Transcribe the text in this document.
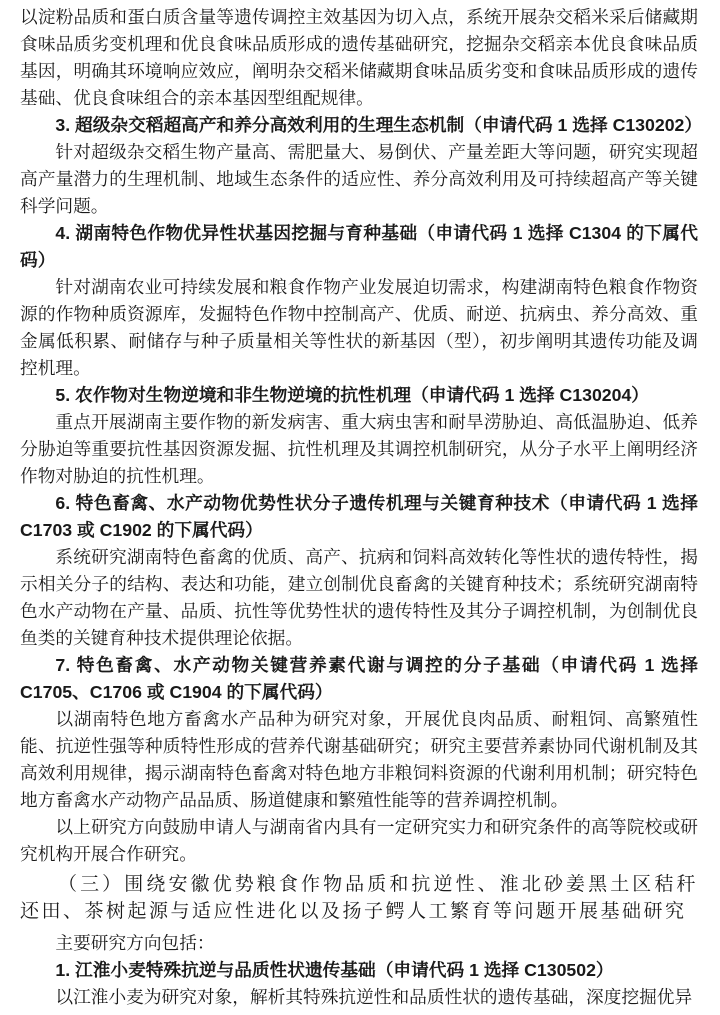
以淀粉品质和蛋白质含量等遗传调控主效基因为切入点，系统开展杂交稻米采后储藏期食味品质劣变机理和优良食味品质形成的遗传基础研究，挖掘杂交稻亲本优良食味品质基因，明确其环境响应效应，阐明杂交稻米储藏期食味品质劣变和食味品质形成的遗传基础、优良食味组合的亲本基因型组配规律。

3. 超级杂交稻超高产和养分高效利用的生理生态机制（申请代码 1 选择 C130202）

针对超级杂交稻生物产量高、需肥量大、易倒伏、产量差距大等问题，研究实现超高产量潜力的生理机制、地域生态条件的适应性、养分高效利用及可持续超高产等关键科学问题。

4. 湖南特色作物优异性状基因挖掘与育种基础（申请代码 1 选择 C1304 的下属代码）

针对湖南农业可持续发展和粮食作物产业发展迫切需求，构建湖南特色粮食作物资源的作物种质资源库，发掘特色作物中控制高产、优质、耐逆、抗病虫、养分高效、重金属低积累、耐储存与种子质量相关等性状的新基因（型），初步阐明其遗传功能及调控机理。

5. 农作物对生物逆境和非生物逆境的抗性机理（申请代码 1 选择 C130204）

重点开展湖南主要作物的新发病害、重大病虫害和耐旱涝胁迫、高低温胁迫、低养分胁迫等重要抗性基因资源发掘、抗性机理及其调控机制研究，从分子水平上阐明经济作物对胁迫的抗性机理。

6. 特色畜禽、水产动物优势性状分子遗传机理与关键育种技术（申请代码 1 选择 C1703 或 C1902 的下属代码）

系统研究湖南特色畜禽的优质、高产、抗病和饲料高效转化等性状的遗传特性，揭示相关分子的结构、表达和功能，建立创制优良畜禽的关键育种技术；系统研究湖南特色水产动物在产量、品质、抗性等优势性状的遗传特性及其分子调控机制，为创制优良鱼类的关键育种技术提供理论依据。

7. 特色畜禽、水产动物关键营养素代谢与调控的分子基础（申请代码 1 选择 C1705、C1706 或 C1904 的下属代码）

以湖南特色地方畜禽水产品种为研究对象，开展优良肉品质、耐粗饲、高繁殖性能、抗逆性强等种质特性形成的营养代谢基础研究；研究主要营养素协同代谢机制及其高效利用规律，揭示湖南特色畜禽对特色地方非粮饲料资源的代谢利用机制；研究特色地方畜禽水产动物产品品质、肠道健康和繁殖性能等的营养调控机制。

以上研究方向鼓励申请人与湖南省内具有一定研究实力和研究条件的高等院校或研究机构开展合作研究。

（三）围绕安徽优势粮食作物品质和抗逆性、淮北砂姜黑土区秸秆还田、茶树起源与适应性进化以及扬子鳄人工繁育等问题开展基础研究

主要研究方向包括：

1. 江淮小麦特殊抗逆与品质性状遗传基础（申请代码 1 选择 C130502）

以江淮小麦为研究对象，解析其特殊抗逆性和品质性状的遗传基础，深度挖掘优异
